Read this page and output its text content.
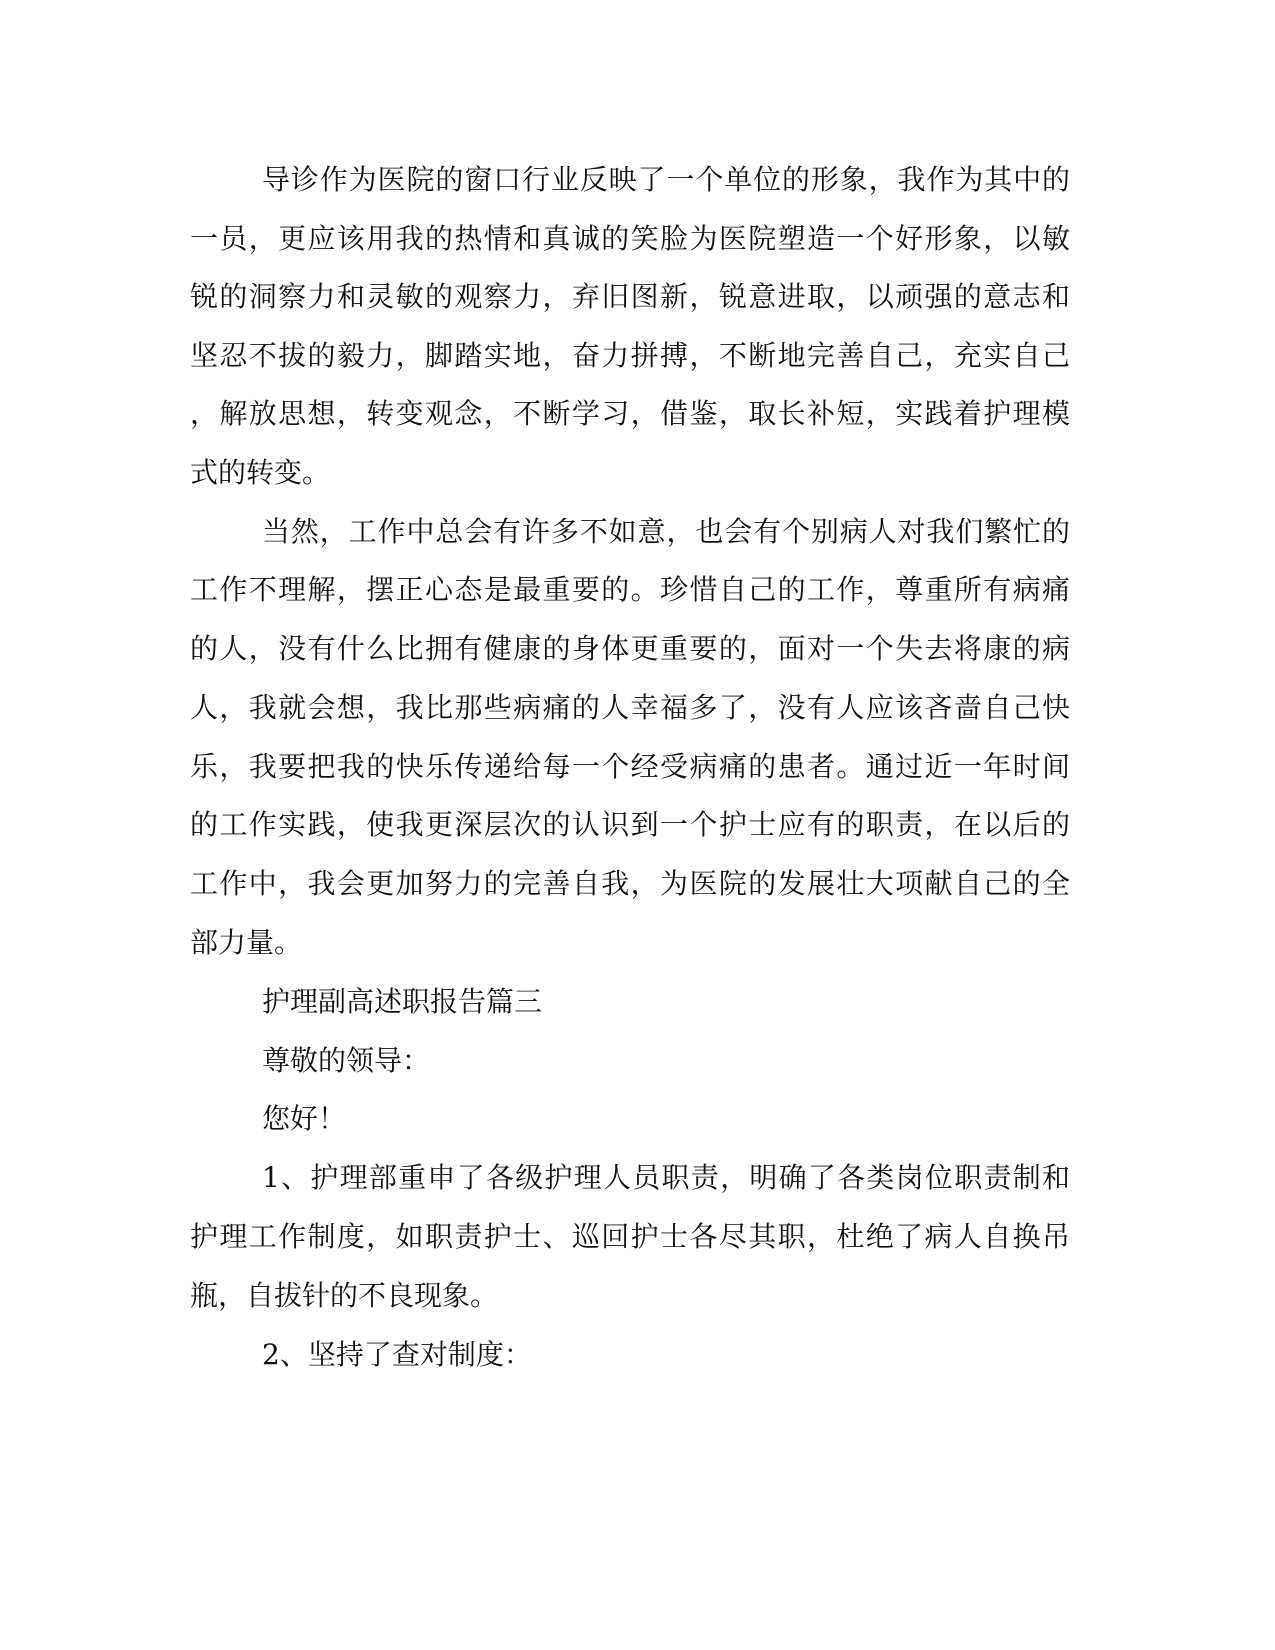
导诊作为医院的窗口行业反映了一个单位的形象，我作为其中的
一员，更应该用我的热情和真诚的笑脸为医院塑造一个好形象，以敏
锐的洞察力和灵敏的观察力，弃旧图新，锐意进取，以顽强的意志和
坚忍不拔的毅力，脚踏实地，奋力拼搏，不断地完善自己，充实自己
，解放思想，转变观念，不断学习，借鉴，取长补短，实践着护理模
式的转变。
当然，工作中总会有许多不如意，也会有个别病人对我们繁忙的
工作不理解，摆正心态是最重要的。珍惜自己的工作，尊重所有病痛
的人，没有什么比拥有健康的身体更重要的，面对一个失去将康的病
人，我就会想，我比那些病痛的人幸福多了，没有人应该吝啬自己快
乐，我要把我的快乐传递给每一个经受病痛的患者。通过近一年时间
的工作实践，使我更深层次的认识到一个护士应有的职责，在以后的
工作中，我会更加努力的完善自我，为医院的发展壮大项献自己的全
部力量。
护理副高述职报告篇三
尊敬的领导：
您好！
1、护理部重申了各级护理人员职责，明确了各类岗位职责制和
护理工作制度，如职责护士、巡回护士各尽其职，杜绝了病人自换吊
瓶，自拔针的不良现象。
2、坚持了查对制度：
